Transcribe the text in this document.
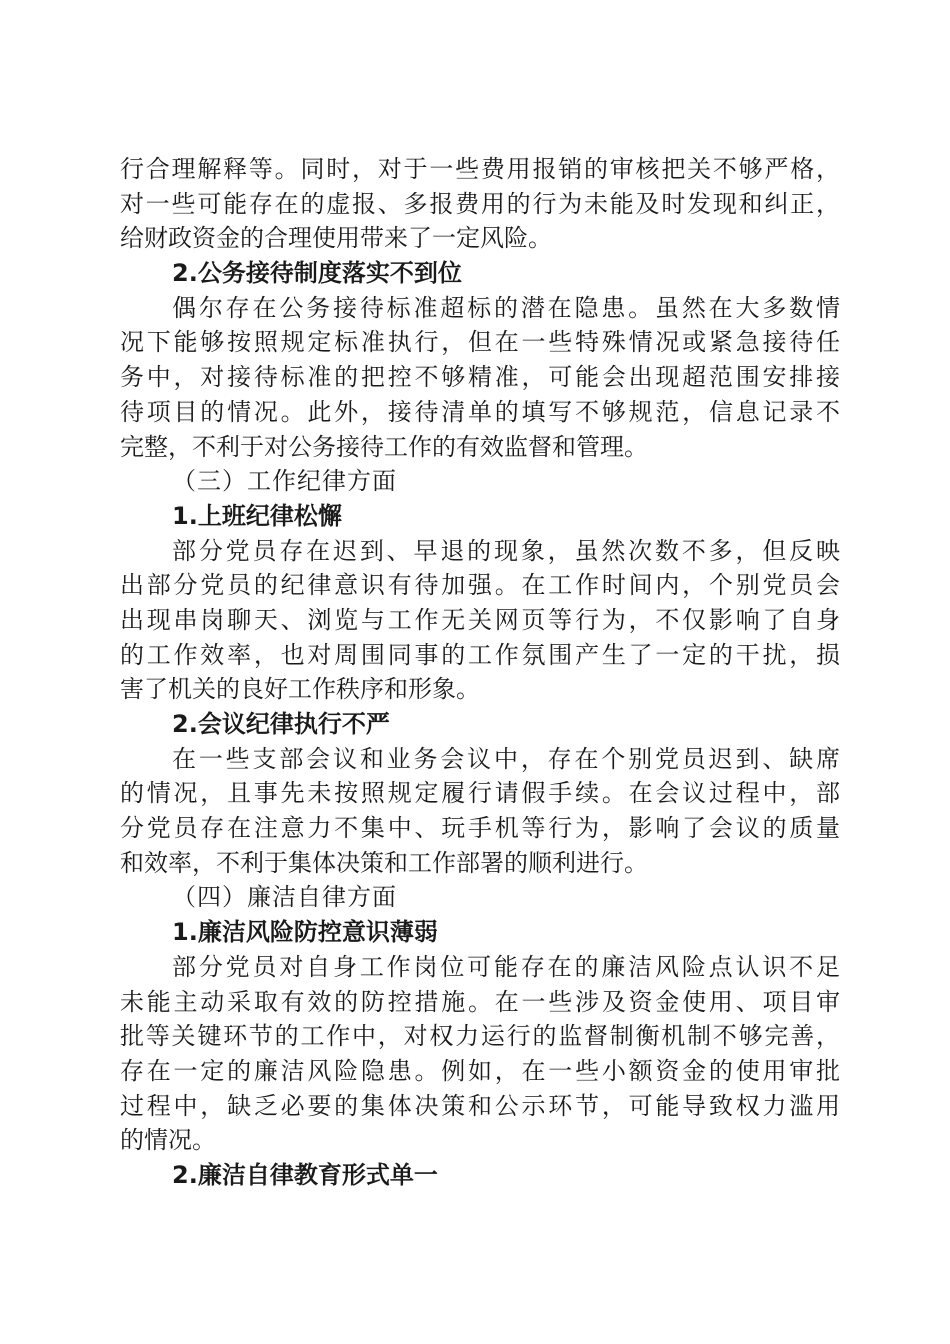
行合理解释等。同时，对于一些费用报销的审核把关不够严格，
对一些可能存在的虚报、多报费用的行为未能及时发现和纠正，
给财政资金的合理使用带来了一定风险。
2.公务接待制度落实不到位
偶尔存在公务接待标准超标的潜在隐患。虽然在大多数情
况下能够按照规定标准执行，但在一些特殊情况或紧急接待任
务中，对接待标准的把控不够精准，可能会出现超范围安排接
待项目的情况。此外，接待清单的填写不够规范，信息记录不
完整，不利于对公务接待工作的有效监督和管理。
（三）工作纪律方面
1.上班纪律松懈
部分党员存在迟到、早退的现象，虽然次数不多，但反映
出部分党员的纪律意识有待加强。在工作时间内，个别党员会
出现串岗聊天、浏览与工作无关网页等行为，不仅影响了自身
的工作效率，也对周围同事的工作氛围产生了一定的干扰，损
害了机关的良好工作秩序和形象。
2.会议纪律执行不严
在一些支部会议和业务会议中，存在个别党员迟到、缺席
的情况，且事先未按照规定履行请假手续。在会议过程中，部
分党员存在注意力不集中、玩手机等行为，影响了会议的质量
和效率，不利于集体决策和工作部署的顺利进行。
（四）廉洁自律方面
1.廉洁风险防控意识薄弱
部分党员对自身工作岗位可能存在的廉洁风险点认识不足
未能主动采取有效的防控措施。在一些涉及资金使用、项目审
批等关键环节的工作中，对权力运行的监督制衡机制不够完善，
存在一定的廉洁风险隐患。例如，在一些小额资金的使用审批
过程中，缺乏必要的集体决策和公示环节，可能导致权力滥用
的情况。
2.廉洁自律教育形式单一
